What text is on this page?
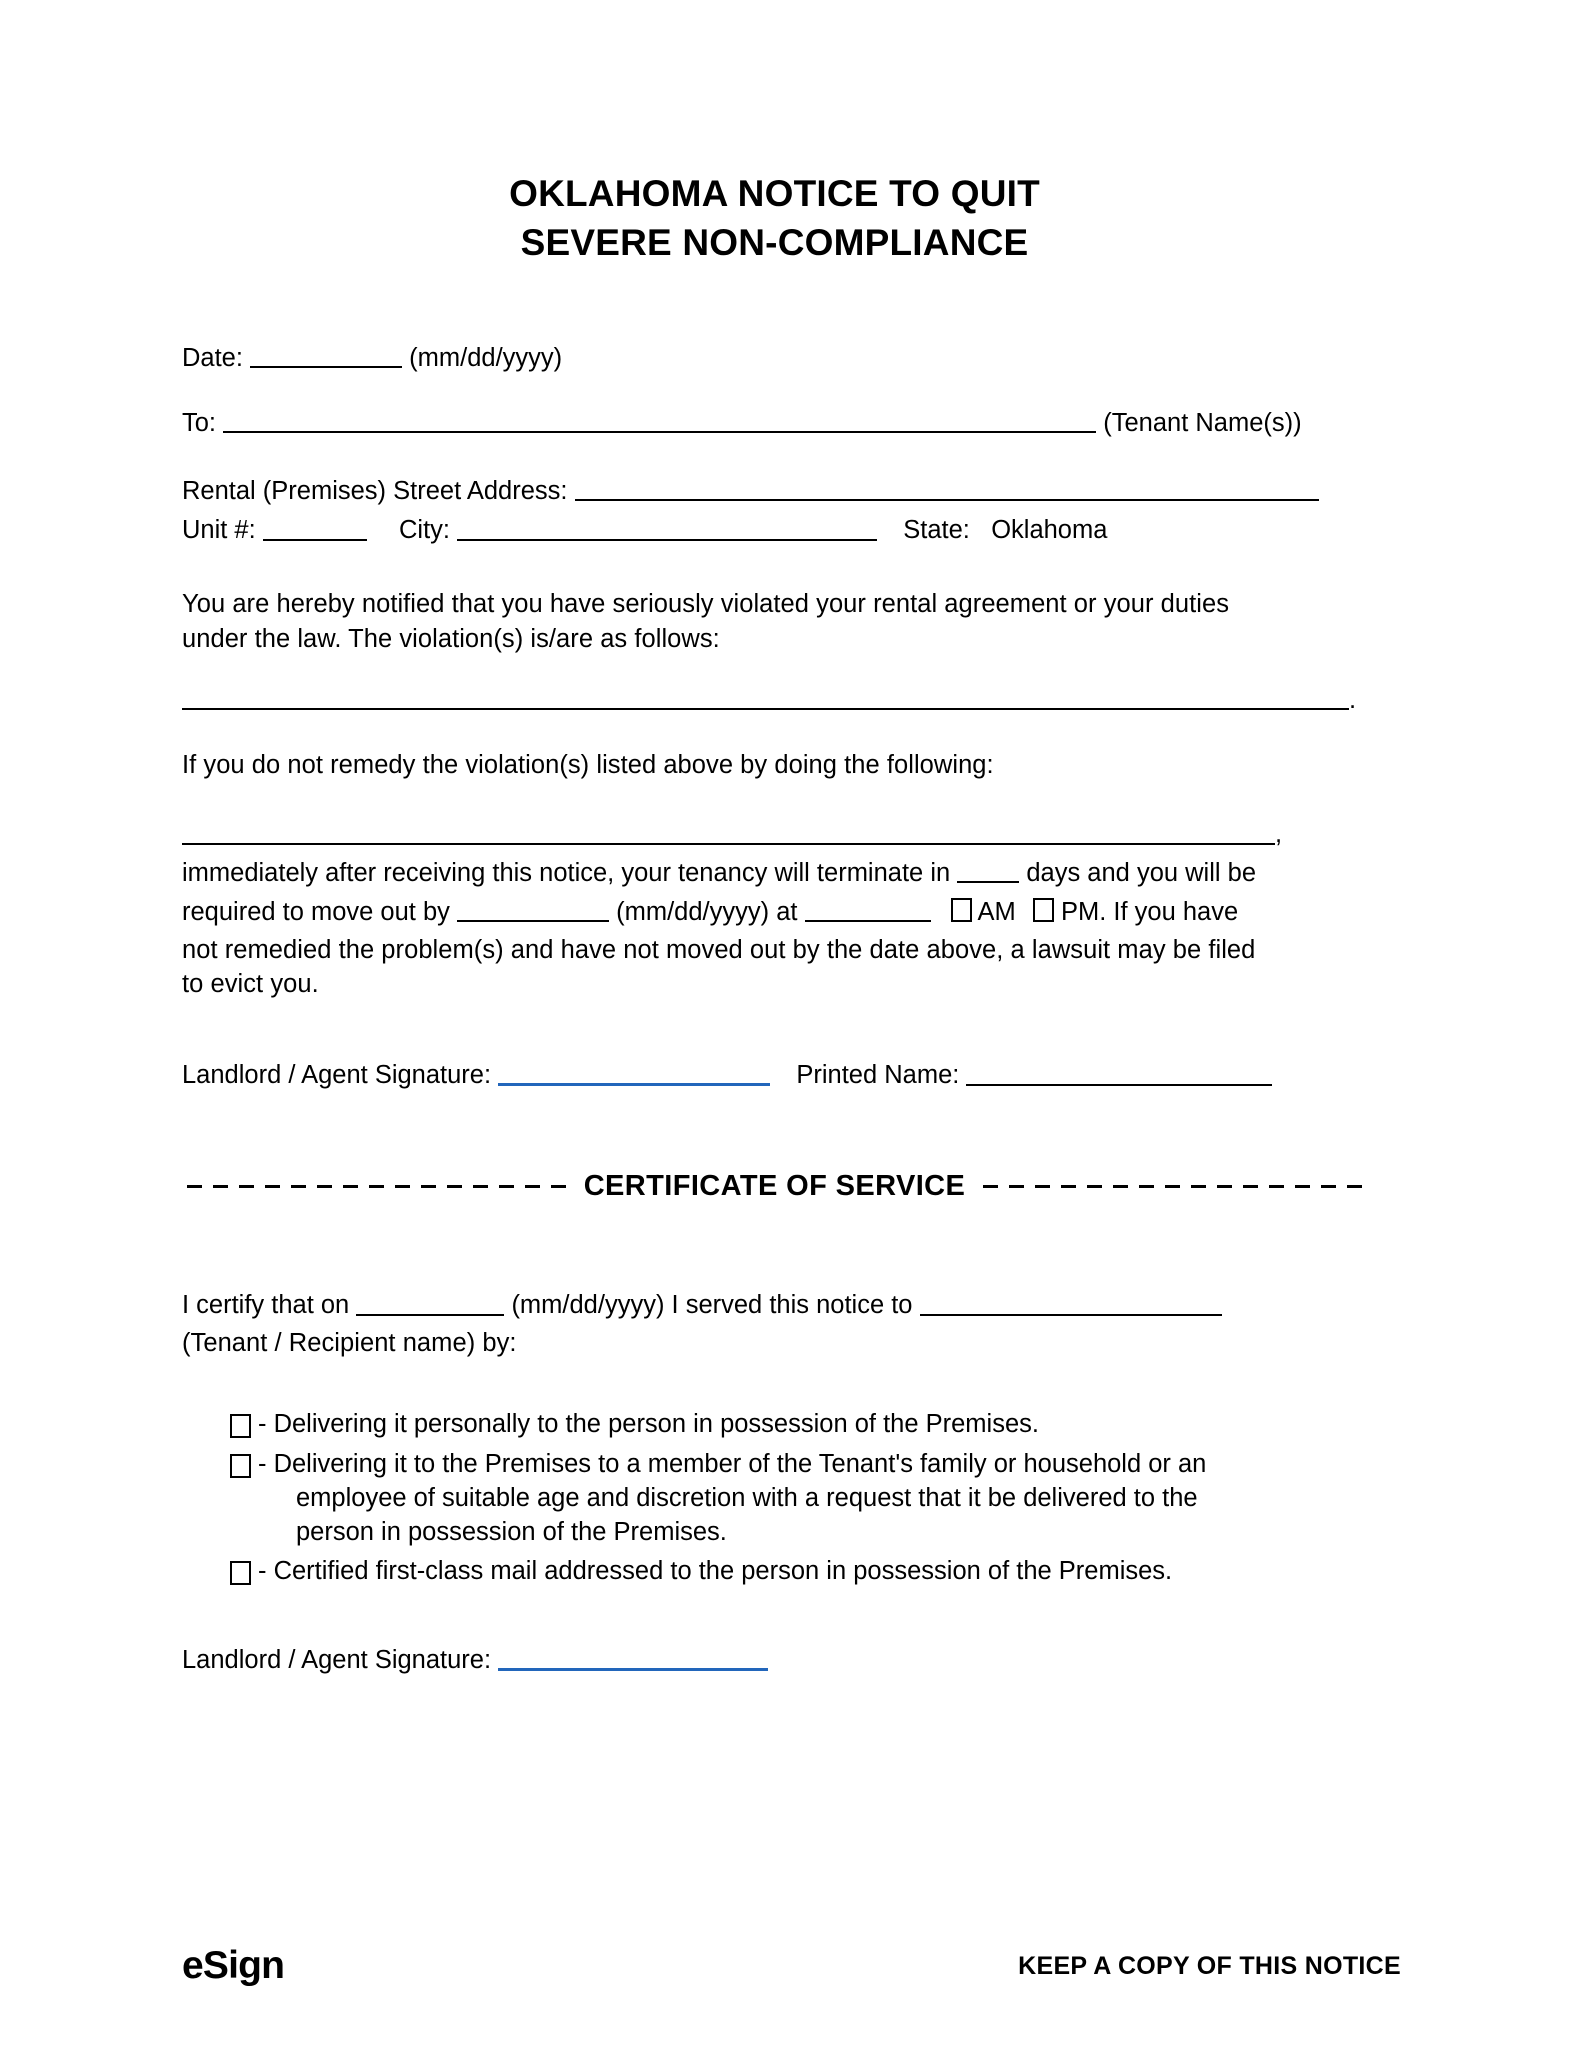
OKLAHOMA NOTICE TO QUIT
SEVERE NON-COMPLIANCE
Date:	(mm/dd/yyyy)
To:	(Tenant Name(s))
Rental (Premises) Street Address:
Unit #:	City:	State: Oklahoma
You are hereby notified that you have seriously violated your rental agreement or your duties
under the law. The violation(s) is/are as follows:
.
If you do not remedy the violation(s) listed above by doing the following:
,
immediately after receiving this notice, your tenancy will terminate in	days and you will be
required to move out by	(mm/dd/yyyy) at	AM PM. If you have
not remedied the problem(s) and have not moved out by the date above, a lawsuit may be filed
to evict you.
Landlord / Agent Signature:	Printed Name:
CERTIFICATE OF SERVICE
I certify that on	(mm/dd/yyyy) I served this notice to
(Tenant / Recipient name) by:
- Delivering it personally to the person in possession of the Premises.
- Delivering it to the Premises to a member of the Tenant's family or household or an
employee of suitable age and discretion with a request that it be delivered to the
person in possession of the Premises.
- Certified first-class mail addressed to the person in possession of the Premises.
Landlord / Agent Signature:
eSign	KEEP A COPY OF THIS NOTICE
